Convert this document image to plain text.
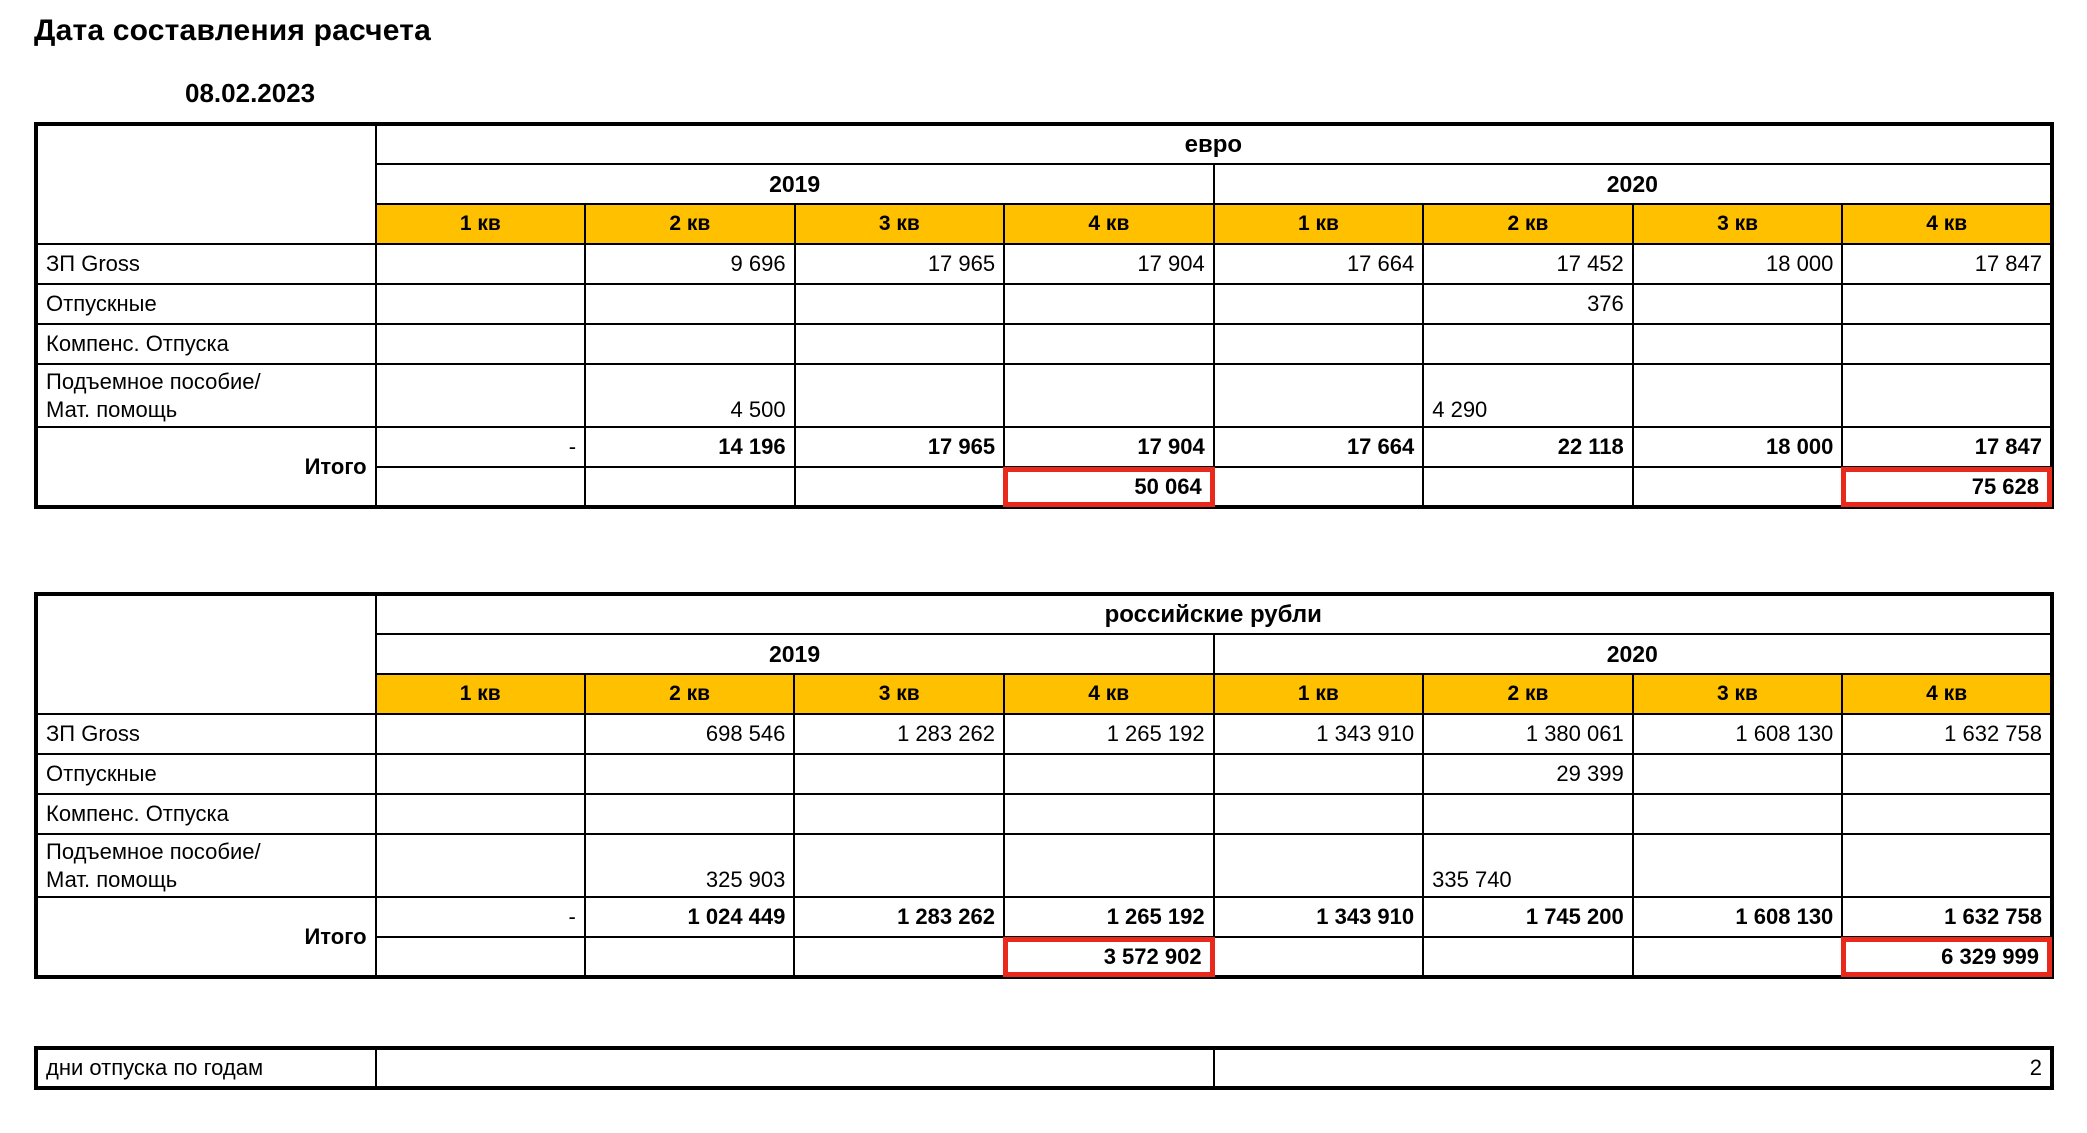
Дата составления расчета
08.02.2023
	евро							
	2019				2020			
	1 кв	2 кв	3 кв	4 кв	1 кв	2 кв	3 кв	4 кв
ЗП Gross		9 696	17 965	17 904	17 664	17 452	18 000	17 847
Отпускные						376		
Компенс. Отпуска								

Подъемное пособие/
Мат. помощь		4 500				4 290		
Итого	-	14 196	17 965	17 904	17 664	22 118	18 000	17 847

				50 064				75 628
	российские рубли							
	2019				2020			
	1 кв	2 кв	3 кв	4 кв	1 кв	2 кв	3 кв	4 кв
ЗП Gross		698 546	1 283 262	1 265 192	1 343 910	1 380 061	1 608 130	1 632 758
Отпускные						29 399		
Компенс. Отпуска								

Подъемное пособие/
Мат. помощь		325 903				335 740		
Итого	-	1 024 449	1 283 262	1 265 192	1 343 910	1 745 200	1 608 130	1 632 758

				3 572 902				6 329 999
дни отпуска по годам		2
